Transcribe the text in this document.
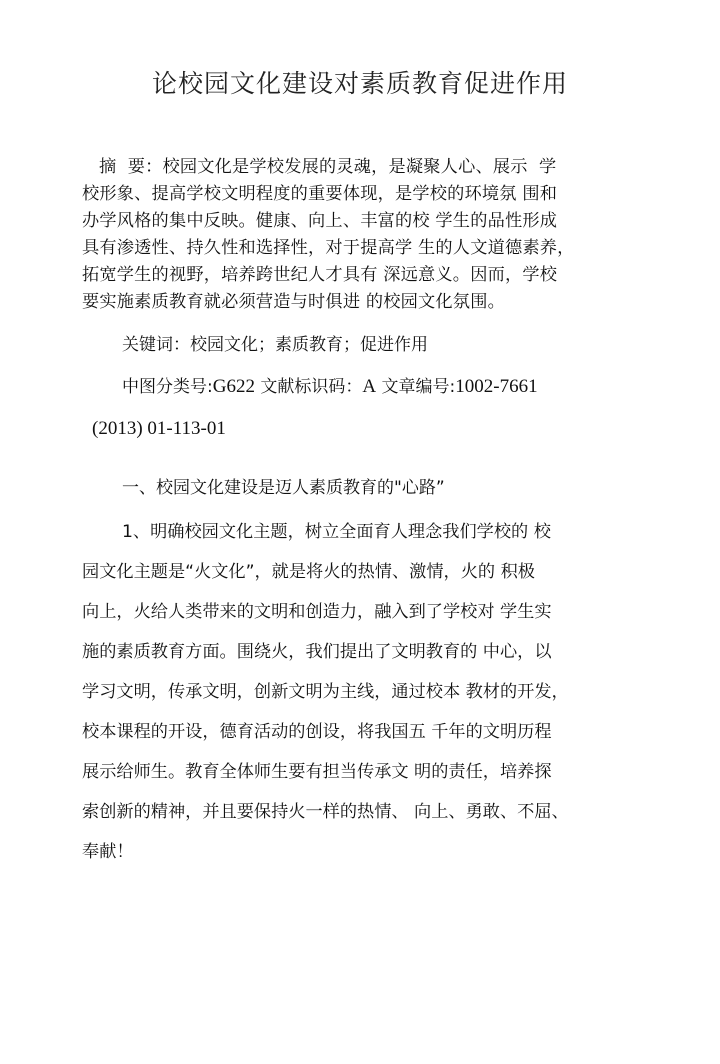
论校园文化建设对素质教育促进作用
摘  要：校园文化是学校发展的灵魂，是凝聚人心、展示  学
校形象、提高学校文明程度的重要体现，是学校的环境氛 围和
办学风格的集中反映。健康、向上、丰富的校 学生的品性形成
具有渗透性、持久性和选择性，对于提高学 生的人文道德素养，
拓宽学生的视野，培养跨世纪人才具有 深远意义。因而，学校
要实施素质教育就必须营造与时俱进 的校园文化氛围。
关键词：校园文化；素质教育；促进作用
中图分类号:G622 文献标识码：A 文章编号:1002-7661
(2013) 01-113-01
一、校园文化建设是迈人素质教育的"心路”
1、明确校园文化主题，树立全面育人理念我们学校的 校
园文化主题是“火文化”，就是将火的热情、激情，火的 积极
向上，火给人类带来的文明和创造力，融入到了学校对 学生实
施的素质教育方面。围绕火，我们提出了文明教育的 中心，以
学习文明，传承文明，创新文明为主线，通过校本 教材的开发，
校本课程的开设，德育活动的创设，将我国五 千年的文明历程
展示给师生。教育全体师生要有担当传承文 明的责任，培养探
索创新的精神，并且要保持火一样的热情、 向上、勇敢、不屈、
奉献！
